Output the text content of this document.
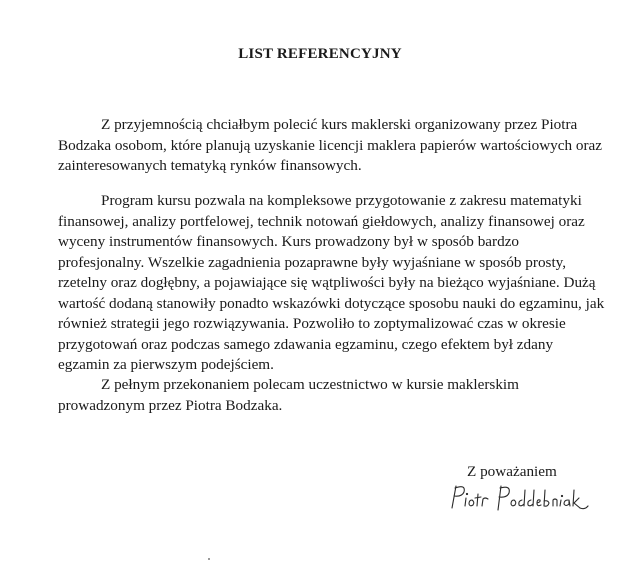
LIST REFERENCYJNY

Z przyjemnością chciałbym polecić kurs maklerski organizowany przez Piotra Bodzaka osobom, które planują uzyskanie licencji maklera papierów wartościowych oraz zainteresowanych tematyką rynków finansowych.

Program kursu pozwala na kompleksowe przygotowanie z zakresu matematyki finansowej, analizy portfelowej, technik notowań giełdowych, analizy finansowej oraz wyceny instrumentów finansowych. Kurs prowadzony był w sposób bardzo profesjonalny. Wszelkie zagadnienia pozaprawne były wyjaśniane w sposób prosty, rzetelny oraz dogłębny, a pojawiające się wątpliwości były na bieżąco wyjaśniane. Dużą wartość dodaną stanowiły ponadto wskazówki dotyczące sposobu nauki do egzaminu, jak również strategii jego rozwiązywania. Pozwoliło to zoptymalizować czas w okresie przygotowań oraz podczas samego zdawania egzaminu, czego efektem był zdany egzamin za pierwszym podejściem.

Z pełnym przekonaniem polecam uczestnictwo w kursie maklerskim prowadzonym przez Piotra Bodzaka.

Z poważaniem
